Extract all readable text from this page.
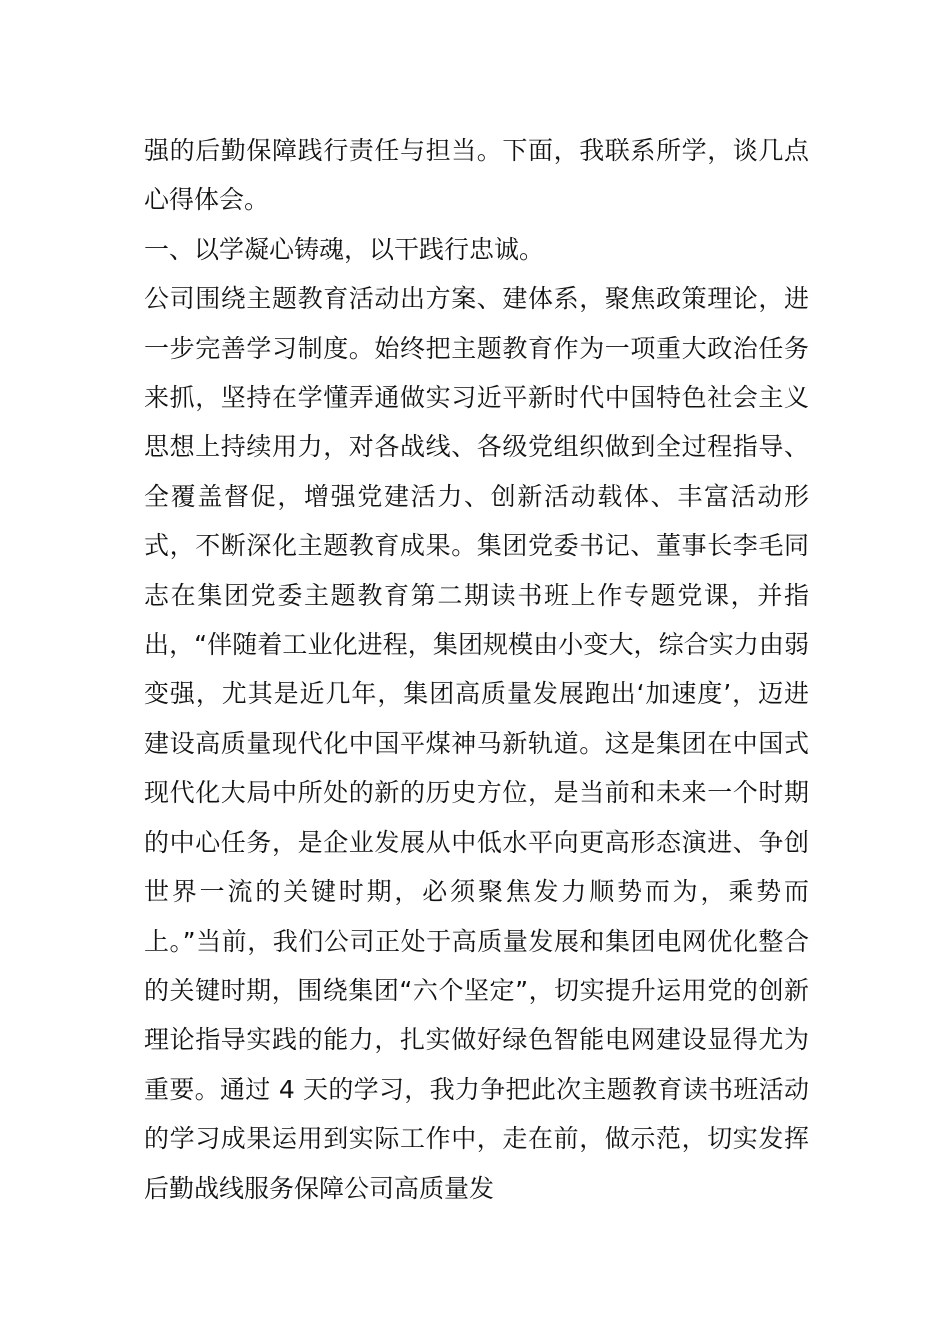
强的后勤保障践行责任与担当。下面，我联系所学，谈几点心得体会。

一、以学凝心铸魂，以干践行忠诚。

公司围绕主题教育活动出方案、建体系，聚焦政策理论，进一步完善学习制度。始终把主题教育作为一项重大政治任务来抓，坚持在学懂弄通做实习近平新时代中国特色社会主义思想上持续用力，对各战线、各级党组织做到全过程指导、全覆盖督促，增强党建活力、创新活动载体、丰富活动形式，不断深化主题教育成果。集团党委书记、董事长李毛同志在集团党委主题教育第二期读书班上作专题党课，并指出，“伴随着工业化进程，集团规模由小变大，综合实力由弱变强，尤其是近几年，集团高质量发展跑出‘加速度’，迈进建设高质量现代化中国平煤神马新轨道。这是集团在中国式现代化大局中所处的新的历史方位，是当前和未来一个时期的中心任务，是企业发展从中低水平向更高形态演进、争创世界一流的关键时期，必须聚焦发力顺势而为，乘势而上。”当前，我们公司正处于高质量发展和集团电网优化整合的关键时期，围绕集团“六个坚定”，切实提升运用党的创新理论指导实践的能力，扎实做好绿色智能电网建设显得尤为重要。通过 4 天的学习，我力争把此次主题教育读书班活动的学习成果运用到实际工作中，走在前，做示范，切实发挥后勤战线服务保障公司高质量发
